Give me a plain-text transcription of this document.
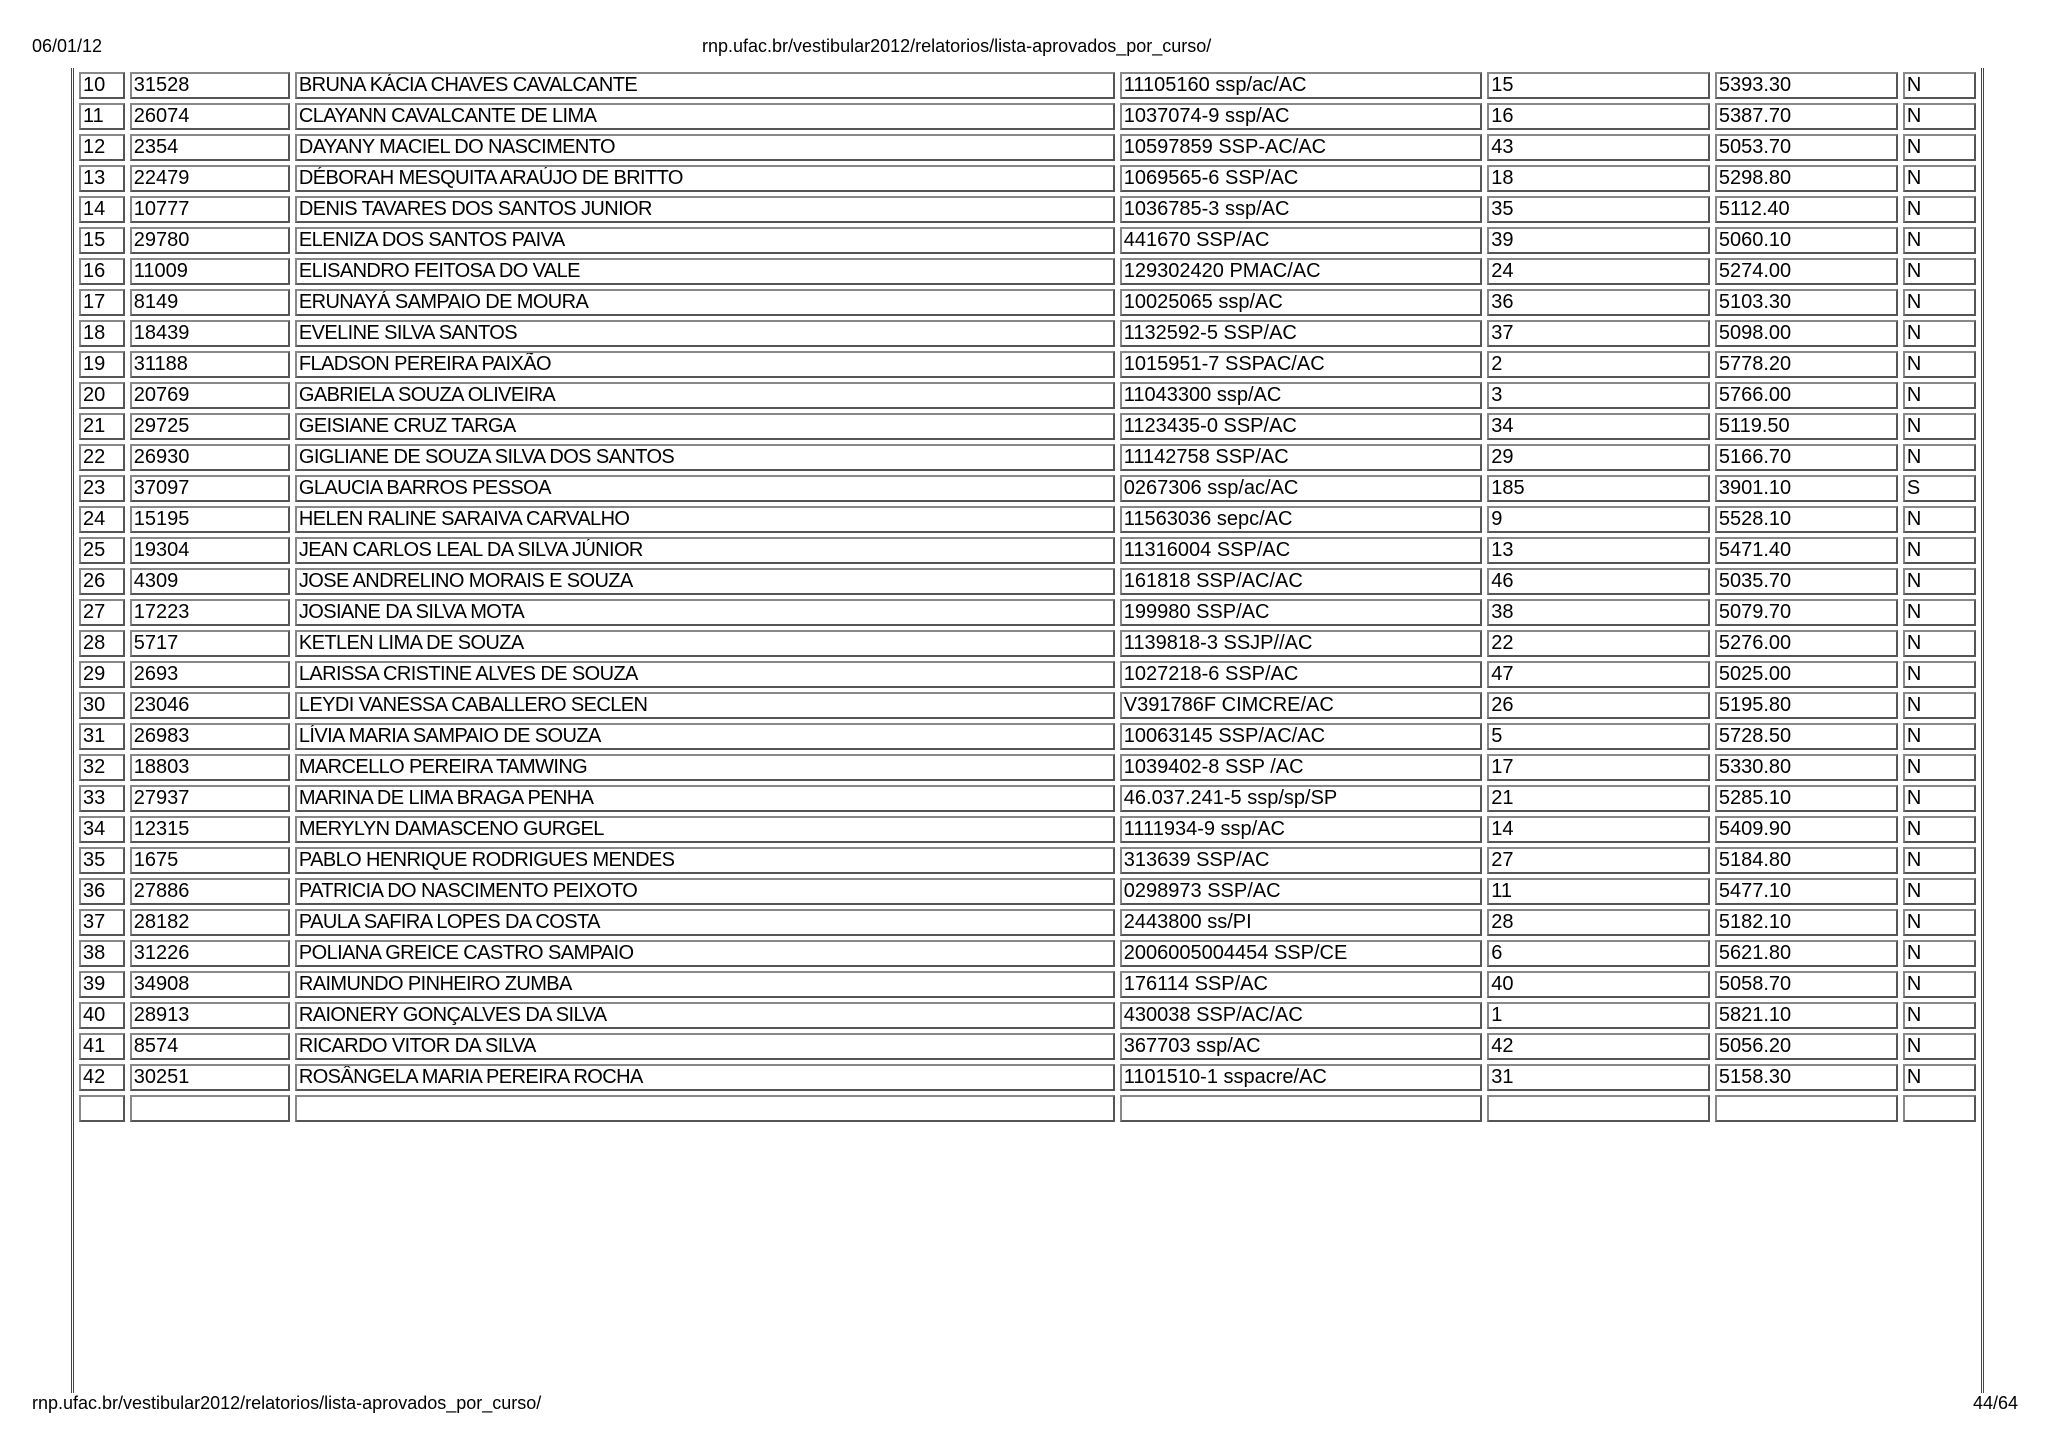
06/01/12	rnp.ufac.br/vestibular2012/relatorios/lista-aprovados_por_curso/
10	31528	BRUNA KÁCIA CHAVES CAVALCANTE	11105160 ssp/ac/AC	15	5393.30	N
11	26074	CLAYANN CAVALCANTE DE LIMA	1037074-9 ssp/AC	16	5387.70	N
12	2354	DAYANY MACIEL DO NASCIMENTO	10597859 SSP-AC/AC	43	5053.70	N
13	22479	DÉBORAH MESQUITA ARAÚJO DE BRITTO	1069565-6 SSP/AC	18	5298.80	N
14	10777	DENIS TAVARES DOS SANTOS JUNIOR	1036785-3 ssp/AC	35	5112.40	N
15	29780	ELENIZA DOS SANTOS PAIVA	441670 SSP/AC	39	5060.10	N
16	11009	ELISANDRO FEITOSA DO VALE	129302420 PMAC/AC	24	5274.00	N
17	8149	ERUNAYÁ SAMPAIO DE MOURA	10025065 ssp/AC	36	5103.30	N
18	18439	EVELINE SILVA SANTOS	1132592-5 SSP/AC	37	5098.00	N
19	31188	FLADSON PEREIRA PAIXÃO	1015951-7 SSPAC/AC	2	5778.20	N
20	20769	GABRIELA SOUZA OLIVEIRA	11043300 ssp/AC	3	5766.00	N
21	29725	GEISIANE CRUZ TARGA	1123435-0 SSP/AC	34	5119.50	N
22	26930	GIGLIANE DE SOUZA SILVA DOS SANTOS	11142758 SSP/AC	29	5166.70	N
23	37097	GLAUCIA BARROS PESSOA	0267306 ssp/ac/AC	185	3901.10	S
24	15195	HELEN RALINE SARAIVA CARVALHO	11563036 sepc/AC	9	5528.10	N
25	19304	JEAN CARLOS LEAL DA SILVA JÚNIOR	11316004 SSP/AC	13	5471.40	N
26	4309	JOSE ANDRELINO MORAIS E SOUZA	161818 SSP/AC/AC	46	5035.70	N
27	17223	JOSIANE DA SILVA MOTA	199980 SSP/AC	38	5079.70	N
28	5717	KETLEN LIMA DE SOUZA	1139818-3 SSJP//AC	22	5276.00	N
29	2693	LARISSA CRISTINE ALVES DE SOUZA	1027218-6 SSP/AC	47	5025.00	N
30	23046	LEYDI VANESSA CABALLERO SECLEN	V391786F CIMCRE/AC	26	5195.80	N
31	26983	LÍVIA MARIA SAMPAIO DE SOUZA	10063145 SSP/AC/AC	5	5728.50	N
32	18803	MARCELLO PEREIRA TAMWING	1039402-8 SSP /AC	17	5330.80	N
33	27937	MARINA DE LIMA BRAGA PENHA	46.037.241-5 ssp/sp/SP	21	5285.10	N
34	12315	MERYLYN DAMASCENO GURGEL	1111934-9 ssp/AC	14	5409.90	N
35	1675	PABLO HENRIQUE RODRIGUES MENDES	313639 SSP/AC	27	5184.80	N
36	27886	PATRICIA DO NASCIMENTO PEIXOTO	0298973 SSP/AC	11	5477.10	N
37	28182	PAULA SAFIRA LOPES DA COSTA	2443800 ss/PI	28	5182.10	N
38	31226	POLIANA GREICE CASTRO SAMPAIO	2006005004454 SSP/CE	6	5621.80	N
39	34908	RAIMUNDO PINHEIRO ZUMBA	176114 SSP/AC	40	5058.70	N
40	28913	RAIONERY GONÇALVES DA SILVA	430038 SSP/AC/AC	1	5821.10	N
41	8574	RICARDO VITOR DA SILVA	367703 ssp/AC	42	5056.20	N
42	30251	ROSÂNGELA MARIA PEREIRA ROCHA	1101510-1 sspacre/AC	31	5158.30	N

rnp.ufac.br/vestibular2012/relatorios/lista-aprovados_por_curso/	44/64
